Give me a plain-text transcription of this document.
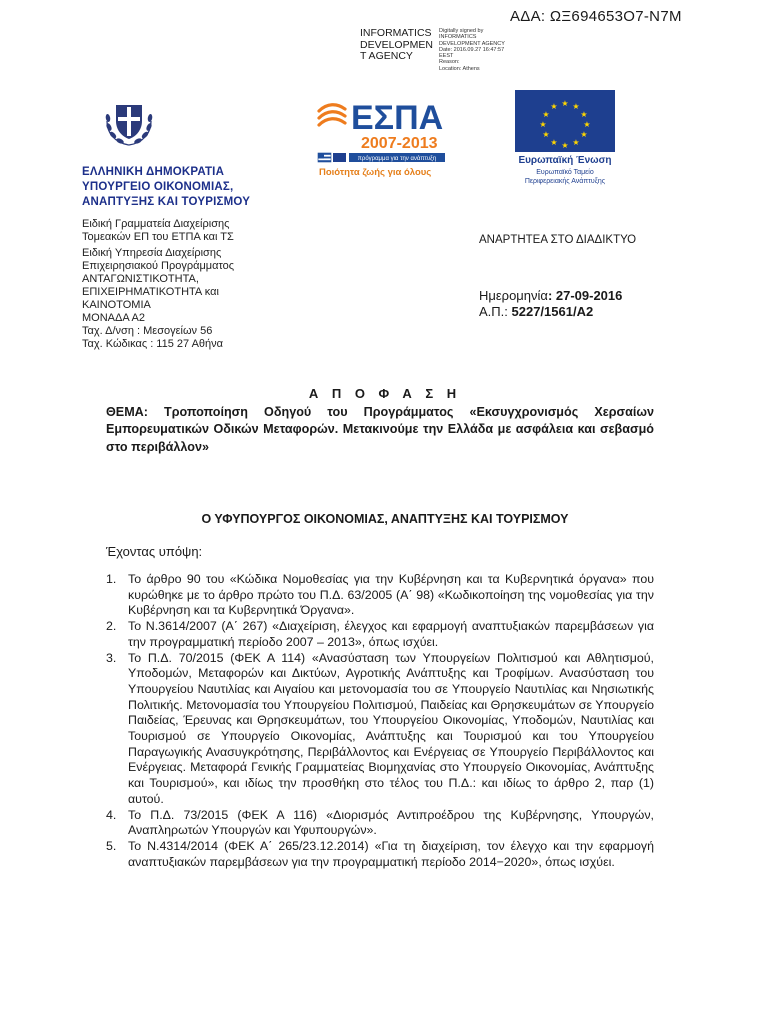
ΑΔΑ: ΩΞ694653Ο7-Ν7Μ
INFORMATICS
DEVELOPMEN
T AGENCY
Digitally signed by
INFORMATICS
DEVELOPMENT AGENCY
Date: 2016.09.27 16:47:57
EEST
Reason:
Location: Athens
ΕΣΠΑ
2007-2013
πρόγραμμα για την ανάπτυξη
Ποιότητα ζωής για όλους
★ ★
★
★
★
★
★
★
★
★
★
★
Ευρωπαϊκή Ένωση
Ευρωπαϊκό Ταμείο
Περιφερειακής Ανάπτυξης
ΕΛΛΗΝΙΚΗ ΔΗΜΟΚΡΑΤΙΑ
ΥΠΟΥΡΓΕΙΟ ΟΙΚΟΝΟΜΙΑΣ,
ΑΝΑΠΤΥΞΗΣ ΚΑΙ ΤΟΥΡΙΣΜΟΥ
Ειδική Γραμματεία Διαχείρισης
Τομεακών ΕΠ του ΕΤΠΑ και ΤΣ
Ειδική Υπηρεσία Διαχείρισης
Επιχειρησιακού Προγράμματος
ΑΝΤΑΓΩΝΙΣΤΙΚΟΤΗΤΑ,
ΕΠΙΧΕΙΡΗΜΑΤΙΚΟΤΗΤΑ και
ΚΑΙΝΟΤΟΜΙΑ
ΜΟΝΑΔΑ Α2
Ταχ. Δ/νση : Μεσογείων 56
Ταχ. Κώδικας : 115 27 Αθήνα
ΑΝΑΡΤΗΤΕΑ ΣΤΟ ΔΙΑΔΙΚΤΥΟ
Ημερομηνία: 27-09-2016
Α.Π.: 5227/1561/Α2
Α Π Ο Φ Α Σ Η
ΘΕΜΑ: Τροποποίηση Οδηγού του Προγράμματος «Εκσυγχρονισμός Χερσαίων Εμπορευματικών Οδικών Μεταφορών. Μετακινούμε την Ελλάδα με ασφάλεια και σεβασμό στο περιβάλλον»
Ο ΥΦΥΠΟΥΡΓΟΣ ΟΙΚΟΝΟΜΙΑΣ, ΑΝΑΠΤΥΞΗΣ ΚΑΙ ΤΟΥΡΙΣΜΟΥ
Έχοντας υπόψη:
1. Το άρθρο 90 του «Κώδικα Νομοθεσίας για την Κυβέρνηση και τα Κυβερνητικά όργανα» που κυρώθηκε με το άρθρο πρώτο του Π.Δ. 63/2005 (Α΄ 98) «Κωδικοποίηση της νομοθεσίας για την Κυβέρνηση και τα Κυβερνητικά Όργανα».
2. Το Ν.3614/2007 (Α΄ 267) «Διαχείριση, έλεγχος και εφαρμογή αναπτυξιακών παρεμβάσεων για την προγραμματική περίοδο 2007 – 2013», όπως ισχύει.
3. Το Π.Δ. 70/2015 (ΦΕΚ Α 114) «Ανασύσταση των Υπουργείων Πολιτισμού και Αθλητισμού, Υποδομών, Μεταφορών και Δικτύων, Αγροτικής Ανάπτυξης και Τροφίμων. Ανασύσταση του Υπουργείου Ναυτιλίας και Αιγαίου και μετονομασία του σε Υπουργείο Ναυτιλίας και Νησιωτικής Πολιτικής. Μετονομασία του Υπουργείου Πολιτισμού, Παιδείας και Θρησκευμάτων σε Υπουργείο Παιδείας, Έρευνας και Θρησκευμάτων, του Υπουργείου Οικονομίας, Υποδομών, Ναυτιλίας και Τουρισμού σε Υπουργείο Οικονομίας, Ανάπτυξης και Τουρισμού και του Υπουργείου Παραγωγικής Ανασυγκρότησης, Περιβάλλοντος και Ενέργειας σε Υπουργείο Περιβάλλοντος και Ενέργειας. Μεταφορά Γενικής Γραμματείας Βιομηχανίας στο Υπουργείο Οικονομίας, Ανάπτυξης και Τουρισμού», και ιδίως την προσθήκη στο τέλος του Π.Δ.: και ιδίως το άρθρο 2, παρ (1) αυτού.
4. Το Π.Δ. 73/2015 (ΦΕΚ Α 116) «Διορισμός Αντιπροέδρου της Κυβέρνησης, Υπουργών, Αναπληρωτών Υπουργών και Υφυπουργών».
5. Το Ν.4314/2014 (ΦΕΚ Α΄ 265/23.12.2014) «Για τη διαχείριση, τον έλεγχο και την εφαρμογή αναπτυξιακών παρεμβάσεων για την προγραμματική περίοδο 2014−2020», όπως ισχύει.
